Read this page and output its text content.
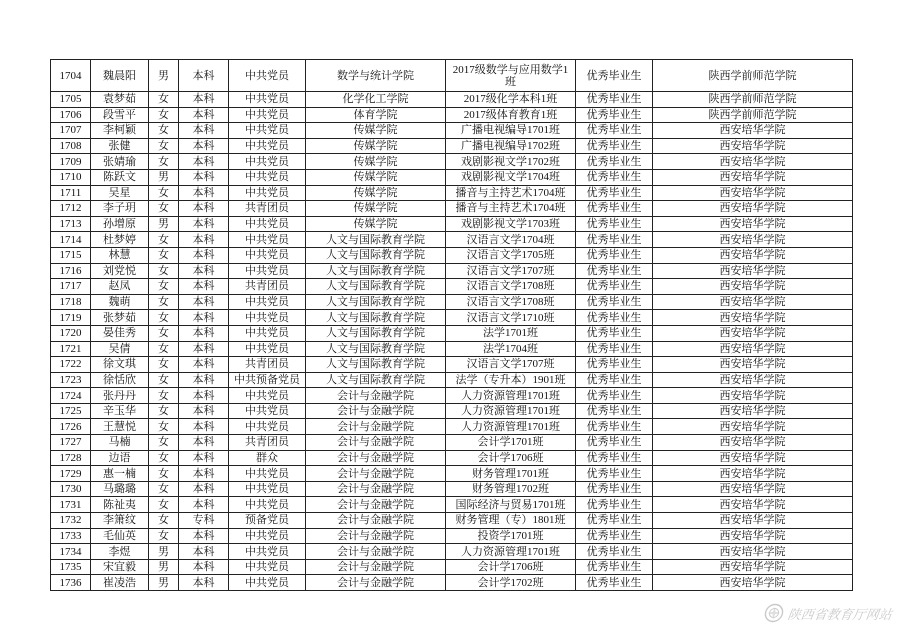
1704	魏晨阳	男	本科	中共党员	数学与统计学院	2017级数学与应用数学1班	优秀毕业生	陕西学前师范学院
1705	袁梦茹	女	本科	中共党员	化学化工学院	2017级化学本科1班	优秀毕业生	陕西学前师范学院
1706	段雪平	女	本科	中共党员	体育学院	2017级体育教育1班	优秀毕业生	陕西学前师范学院
1707	李柯颖	女	本科	中共党员	传媒学院	广播电视编导1701班	优秀毕业生	西安培华学院
1708	张健	女	本科	中共党员	传媒学院	广播电视编导1702班	优秀毕业生	西安培华学院
1709	张婧瑜	女	本科	中共党员	传媒学院	戏剧影视文学1702班	优秀毕业生	西安培华学院
1710	陈跃文	男	本科	中共党员	传媒学院	戏剧影视文学1704班	优秀毕业生	西安培华学院
1711	吴星	女	本科	中共党员	传媒学院	播音与主持艺术1704班	优秀毕业生	西安培华学院
1712	李子玥	女	本科	共青团员	传媒学院	播音与主持艺术1704班	优秀毕业生	西安培华学院
1713	孙增原	男	本科	中共党员	传媒学院	戏剧影视文学1703班	优秀毕业生	西安培华学院
1714	杜梦婷	女	本科	中共党员	人文与国际教育学院	汉语言文学1704班	优秀毕业生	西安培华学院
1715	林慧	女	本科	中共党员	人文与国际教育学院	汉语言文学1705班	优秀毕业生	西安培华学院
1716	刘党悦	女	本科	中共党员	人文与国际教育学院	汉语言文学1707班	优秀毕业生	西安培华学院
1717	赵凤	女	本科	共青团员	人文与国际教育学院	汉语言文学1708班	优秀毕业生	西安培华学院
1718	魏萌	女	本科	中共党员	人文与国际教育学院	汉语言文学1708班	优秀毕业生	西安培华学院
1719	张梦茹	女	本科	中共党员	人文与国际教育学院	汉语言文学1710班	优秀毕业生	西安培华学院
1720	晏佳秀	女	本科	中共党员	人文与国际教育学院	法学1701班	优秀毕业生	西安培华学院
1721	吴倩	女	本科	中共党员	人文与国际教育学院	法学1704班	优秀毕业生	西安培华学院
1722	徐文琪	女	本科	共青团员	人文与国际教育学院	汉语言文学1707班	优秀毕业生	西安培华学院
1723	徐恬欣	女	本科	中共预备党员	人文与国际教育学院	法学（专升本）1901班	优秀毕业生	西安培华学院
1724	张丹丹	女	本科	中共党员	会计与金融学院	人力资源管理1701班	优秀毕业生	西安培华学院
1725	辛玉华	女	本科	中共党员	会计与金融学院	人力资源管理1701班	优秀毕业生	西安培华学院
1726	王慧悦	女	本科	中共党员	会计与金融学院	人力资源管理1701班	优秀毕业生	西安培华学院
1727	马楠	女	本科	共青团员	会计与金融学院	会计学1701班	优秀毕业生	西安培华学院
1728	边语	女	本科	群众	会计与金融学院	会计学1706班	优秀毕业生	西安培华学院
1729	惠一楠	女	本科	中共党员	会计与金融学院	财务管理1701班	优秀毕业生	西安培华学院
1730	马璐璐	女	本科	中共党员	会计与金融学院	财务管理1702班	优秀毕业生	西安培华学院
1731	陈祉夷	女	本科	中共党员	会计与金融学院	国际经济与贸易1701班	优秀毕业生	西安培华学院
1732	李箫纹	女	专科	预备党员	会计与金融学院	财务管理（专）1801班	优秀毕业生	西安培华学院
1733	毛仙英	女	本科	中共党员	会计与金融学院	投资学1701班	优秀毕业生	西安培华学院
1734	李煜	男	本科	中共党员	会计与金融学院	人力资源管理1701班	优秀毕业生	西安培华学院
1735	宋宜毅	男	本科	中共党员	会计与金融学院	会计学1706班	优秀毕业生	西安培华学院
1736	崔凌浩	男	本科	中共党员	会计与金融学院	会计学1702班	优秀毕业生	西安培华学院
陕西省教育厅网站
